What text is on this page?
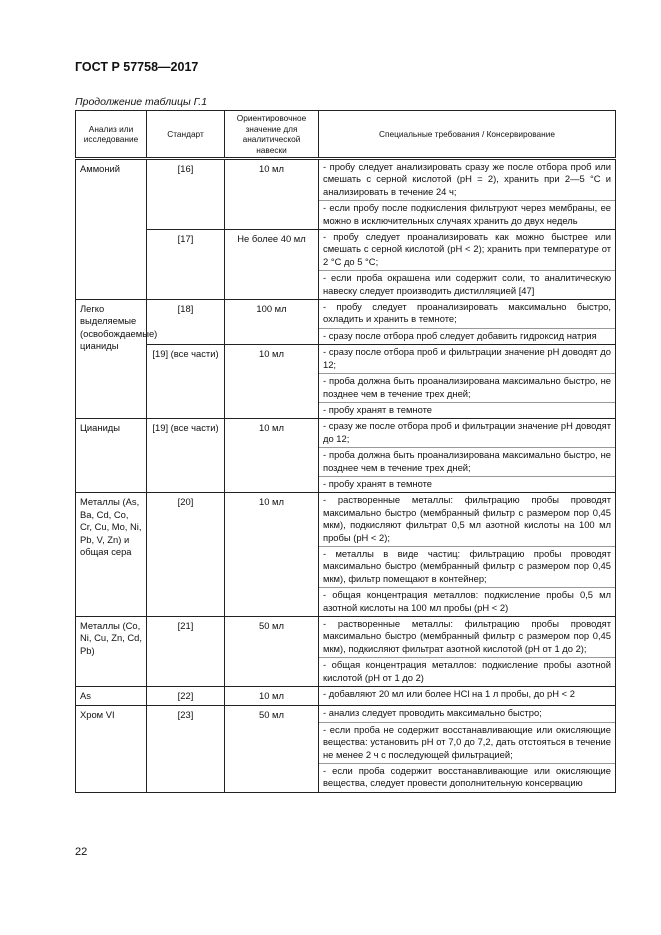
ГОСТ Р 57758—2017
Продолжение таблицы Г.1
Анализ или исследование	Стандарт	Ориентировочное значение для аналитической навески	Специальные требования / Консервирование
Аммоний	[16]	10 мл	- пробу следует анализировать сразу же после отбора проб или смешать с серной кислотой (pH = 2), хранить при 2—5 °С и анализировать в течение 24 ч;
- если пробу после подкисления фильтруют через мембраны, ее можно в исключительных случаях хранить до двух недель

	[17]	Не более 40 мл	- пробу следует проанализировать как можно быстрее или смешать с серной кислотой (pH < 2); хранить при температуре от 2 °С до 5 °С;
- если проба окрашена или содержит соли, то аналитическую навеску следует производить дистилляцией [47]

Легко выделяемые (освобождаемые) цианиды	[18]	100 мл	- пробу следует проанализировать максимально быстро, охладить и хранить в темноте;
- сразу после отбора проб следует добавить гидроксид натрия

	[19] (все части)	10 мл	- сразу после отбора проб и фильтрации значение pH доводят до 12;
- проба должна быть проанализирована максимально быстро, не позднее чем в течение трех дней;
- пробу хранят в темноте

Цианиды	[19] (все части)	10 мл	- сразу же после отбора проб и фильтрации значение pH доводят до 12;
- проба должна быть проанализирована максимально быстро, не позднее чем в течение трех дней;
- пробу хранят в темноте

Металлы (As, Ba, Cd, Co, Cr, Cu, Mo, Ni, Pb, V, Zn) и общая сера	[20]	10 мл	- растворенные металлы: фильтрацию пробы проводят максимально быстро (мембранный фильтр с размером пор 0,45 мкм), подкисляют фильтрат 0,5 мл азотной кислоты на 100 мл пробы (pH < 2);
- металлы в виде частиц: фильтрацию пробы проводят максимально быстро (мембранный фильтр с размером пор 0,45 мкм), фильтр помещают в контейнер;
- общая концентрация металлов: подкисление пробы 0,5 мл азотной кислоты на 100 мл пробы (pH < 2)

Металлы (Co, Ni, Cu, Zn, Cd, Pb)	[21]	50 мл	- растворенные металлы: фильтрацию пробы проводят максимально быстро (мембранный фильтр с размером пор 0,45 мкм), подкисляют фильтрат азотной кислотой (pH от 1 до 2);
- общая концентрация металлов: подкисление пробы азотной кислотой (pH от 1 до 2)

As	[22]	10 мл	- добавляют 20 мл или более HCl на 1 л пробы, до pH < 2

Хром VI	[23]	50 мл	- анализ следует проводить максимально быстро;
- если проба не содержит восстанавливающие или окисляющие вещества: установить pH от 7,0 до 7,2, дать отстояться в течение не менее 2 ч с последующей фильтрацией;
- если проба содержит восстанавливающие или окисляющие вещества, следует провести дополнительную консервацию
22
